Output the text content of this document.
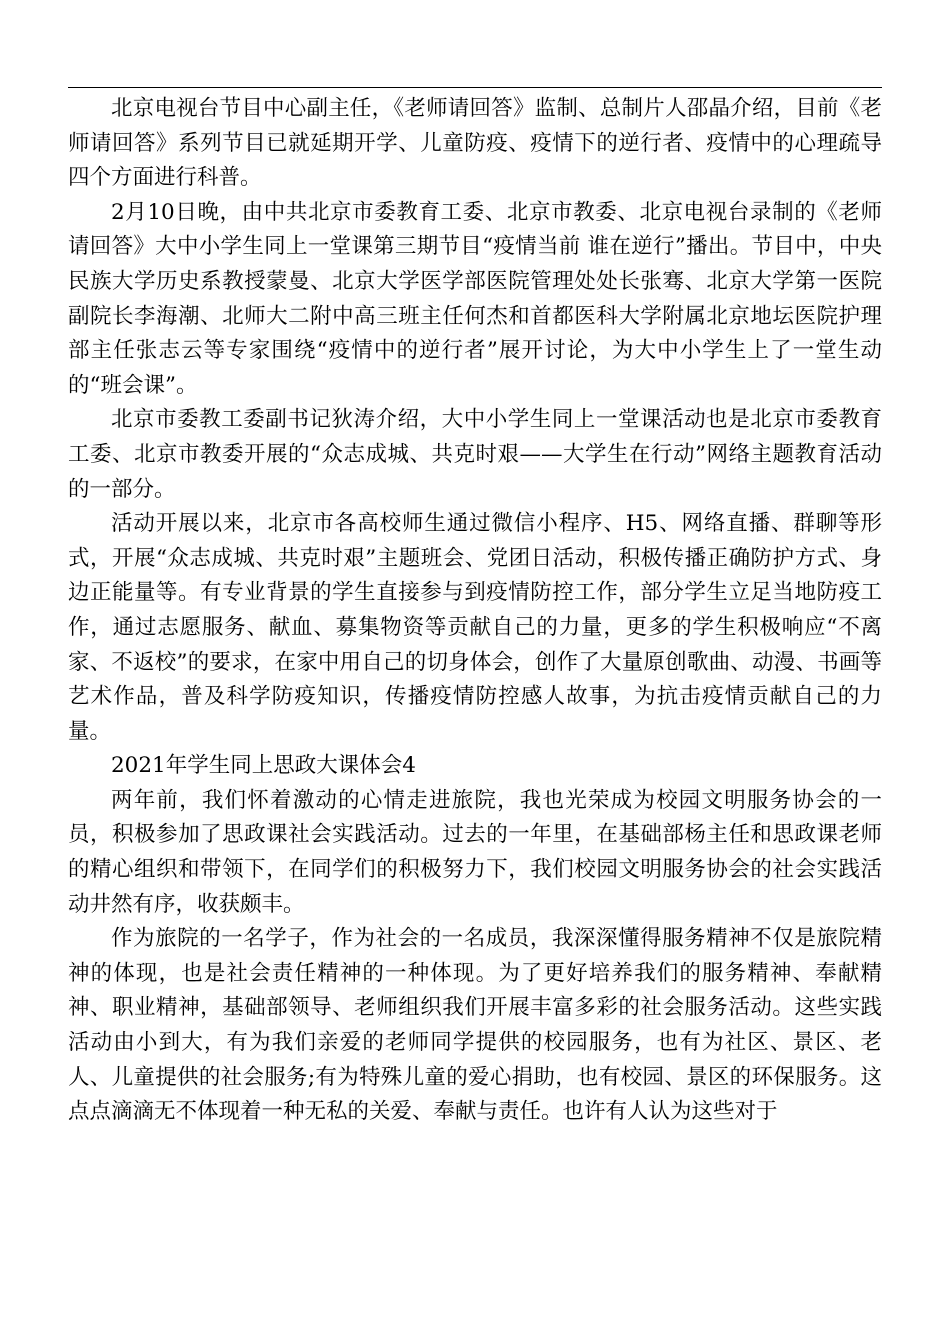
北京电视台节目中心副主任，《老师请回答》监制、总制片人邵晶介绍，目前《老师请回答》系列节目已就延期开学、儿童防疫、疫情下的逆行者、疫情中的心理疏导四个方面进行科普。

2月10日晚，由中共北京市委教育工委、北京市教委、北京电视台录制的《老师请回答》大中小学生同上一堂课第三期节目“疫情当前 谁在逆行”播出。节目中，中央民族大学历史系教授蒙曼、北京大学医学部医院管理处处长张骞、北京大学第一医院副院长李海潮、北师大二附中高三班主任何杰和首都医科大学附属北京地坛医院护理部主任张志云等专家围绕“疫情中的逆行者”展开讨论，为大中小学生上了一堂生动的“班会课”。

北京市委教工委副书记狄涛介绍，大中小学生同上一堂课活动也是北京市委教育工委、北京市教委开展的“众志成城、共克时艰——大学生在行动”网络主题教育活动的一部分。

活动开展以来，北京市各高校师生通过微信小程序、H5、网络直播、群聊等形式，开展“众志成城、共克时艰”主题班会、党团日活动，积极传播正确防护方式、身边正能量等。有专业背景的学生直接参与到疫情防控工作，部分学生立足当地防疫工作，通过志愿服务、献血、募集物资等贡献自己的力量，更多的学生积极响应“不离家、不返校”的要求，在家中用自己的切身体会，创作了大量原创歌曲、动漫、书画等艺术作品，普及科学防疫知识，传播疫情防控感人故事，为抗击疫情贡献自己的力量。

2021年学生同上思政大课体会4

两年前，我们怀着激动的心情走进旅院，我也光荣成为校园文明服务协会的一员，积极参加了思政课社会实践活动。过去的一年里，在基础部杨主任和思政课老师的精心组织和带领下，在同学们的积极努力下，我们校园文明服务协会的社会实践活动井然有序，收获颇丰。

作为旅院的一名学子，作为社会的一名成员，我深深懂得服务精神不仅是旅院精神的体现，也是社会责任精神的一种体现。为了更好培养我们的服务精神、奉献精神、职业精神，基础部领导、老师组织我们开展丰富多彩的社会服务活动。这些实践活动由小到大，有为我们亲爱的老师同学提供的校园服务，也有为社区、景区、老人、儿童提供的社会服务;有为特殊儿童的爱心捐助，也有校园、景区的环保服务。这点点滴滴无不体现着一种无私的关爱、奉献与责任。也许有人认为这些对于
